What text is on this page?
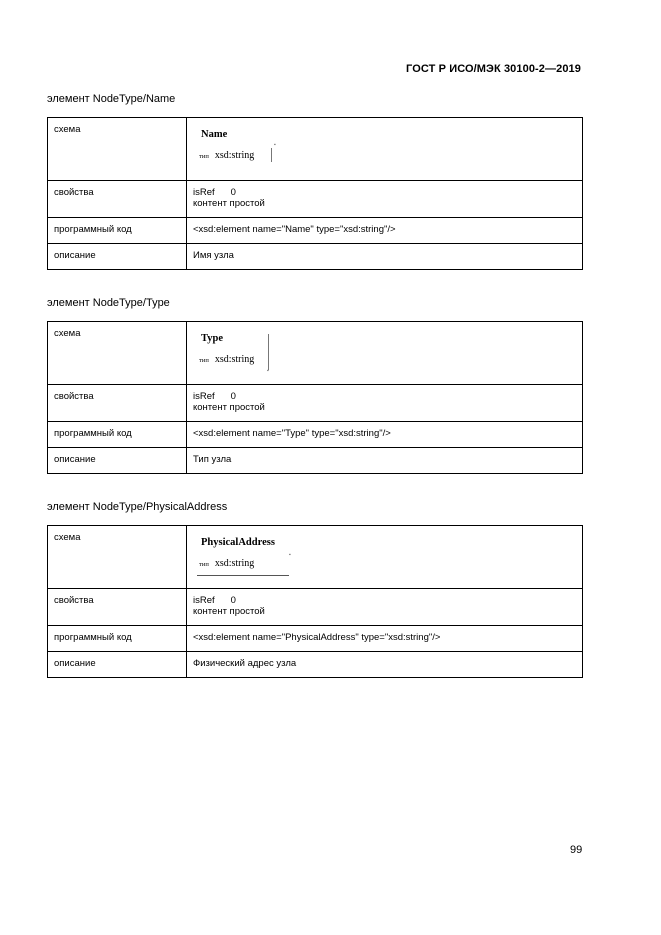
ГОСТ Р ИСО/МЭК 30100-2—2019
элемент NodeType/Name
схема	Name
тип xsd:string
▪

свойства	isRef 0
контент простой
программный код	<xsd:element name="Name" type="xsd:string"/>
описание	Имя узла
элемент NodeType/Type
схема	Type
тип xsd:string
▪

свойства	isRef 0
контент простой
программный код	<xsd:element name="Type" type="xsd:string"/>
описание	Тип узла
элемент NodeType/PhysicalAddress
схема	PhysicalAddress
тип xsd:string
▪

свойства	isRef 0
контент простой
программный код	<xsd:element name="PhysicalAddress" type="xsd:string"/>
описание	Физический адрес узла
99
